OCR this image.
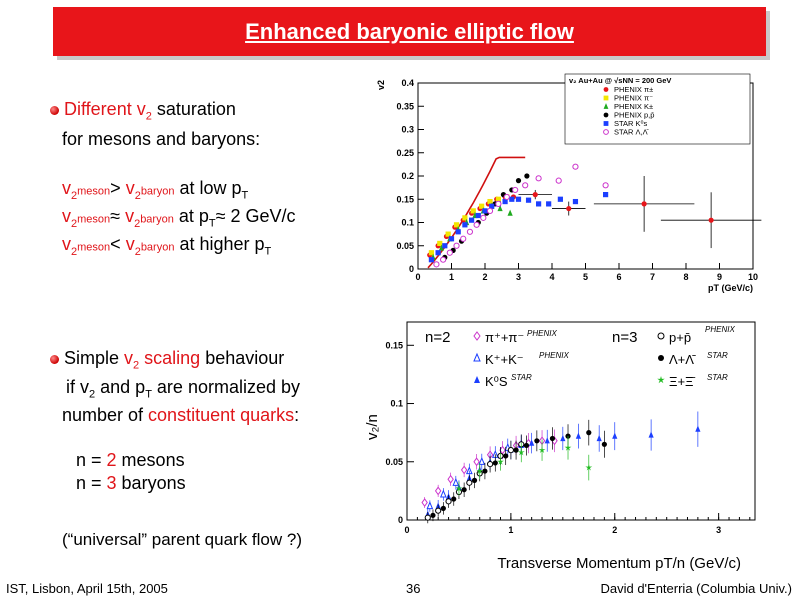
Enhanced baryonic elliptic flow
Different $v_2$ saturation
for mesons and baryons:
$v_{2^{meson}}> v_{2^{baryon}}$ at low $p_T$
$v_{2^{meson}}\approx v_{2^{baryon}}$ at $p_T\approx 2$ GeV/c
$v_{2^{meson}}< v_{2^{baryon}}$ at higher $p_T$
Simple $v_2$ scaling behaviour
if $v_2$ and $p_T$ are normalized by
number of constituent quarks:
n = 2 mesons
n = 3 baryons
(“universal” parent quark flow ?)
IST, Lisbon, April 15th, 2005	36	David d'Enterria (Columbia Univ.)
0	1	2	3	4	5	6	7	8	9	10
0
0.05
0.1
0.15
0.2
0.25
0.3
0.35
0.4
pT (GeV/c)
v2	v₂ Au+Au @ √sNN = 200 GeV
PHENIX π±
PHENIX π⁻
PHENIX K±
PHENIX p,p̄
STAR K⁰s
STAR Λ,Λ̄
0	1	2	3
0
0.05
0.1
0.15
Transverse Momentum pT/n (GeV/c)
v₂/n
n=2	π⁺+π⁻ PHENIX
K⁺+K⁻ PHENIX
K⁰S STAR
n=3 p+p̄
PHENIX
Λ+Λ̄ STAR
Ξ+Ξ̄ STAR
